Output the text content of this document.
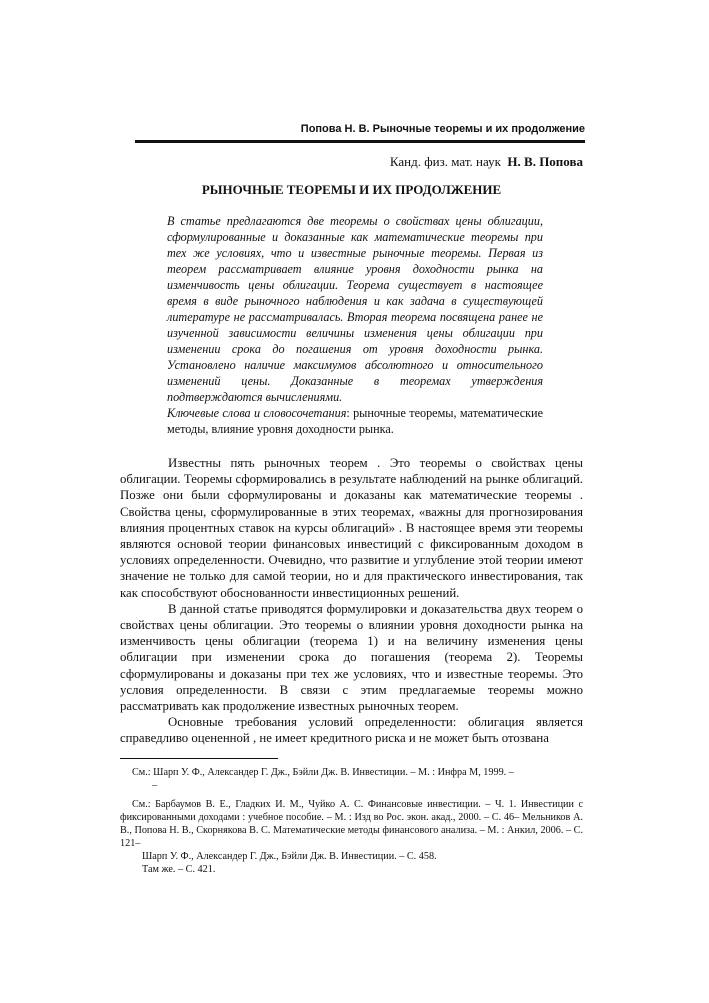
Попова Н. В. Рыночные теоремы и их продолжение
Канд. физ. мат. наук Н. В. Попова
РЫНОЧНЫЕ ТЕОРЕМЫ И ИХ ПРОДОЛЖЕНИЕ

В статье предлагаются две теоремы о свойствах цены облигации, сформулированные и доказанные как математические теоремы при тех же условиях, что и известные рыночные теоремы. Первая из теорем рассматривает влияние уровня доходности рынка на изменчивость цены облигации. Теорема существует в настоящее время в виде рыночного наблюдения и как задача в существующей литературе не рассматривалась. Вторая теорема посвящена ранее не изученной зависимости величины изменения цены облигации при изменении срока до погашения от уровня доходности рынка. Установлено наличие максимумов абсолютного и относительного изменений цены. Доказанные в теоремах утверждения подтверждаются вычислениями.

Ключевые слова и словосочетания: рыночные теоремы, математические методы, влияние уровня доходности рынка.

Известны пять рыночных теорем . Это теоремы о свойствах цены облигации. Теоремы сформировались в результате наблюдений на рынке облигаций. Позже они были сформулированы и доказаны как математические теоремы . Свойства цены, сформулированные в этих теоремах, «важны для прогнозирования влияния процентных ставок на курсы облигаций» . В настоящее время эти теоремы являются основой теории финансовых инвестиций с фиксированным доходом в условиях определенности. Очевидно, что развитие и углубление этой теории имеют значение не только для самой теории, но и для практического инвестирования, так как способствуют обоснованности инвестиционных решений.

В данной статье приводятся формулировки и доказательства двух теорем о свойствах цены облигации. Это теоремы о влиянии уровня доходности рынка на изменчивость цены облигации (теорема 1) и на величину изменения цены облигации при изменении срока до погашения (теорема 2). Теоремы сформулированы и доказаны при тех же условиях, что и известные теоремы. Это условия определенности. В связи с этим предлагаемые теоремы можно рассматривать как продолжение известных рыночных теорем.

Основные требования условий определенности: облигация является справедливо оцененной , не имеет кредитного риска и не может быть отозвана

См.: Шарп У. Ф., Александер Г. Дж., Бэйли Дж. В. Инвестиции. – М. : Инфра М, 1999. –

–

См.: Барбаумов В. Е., Гладких И. М., Чуйко А. С. Финансовые инвестиции. – Ч. 1. Инвестиции с фиксированными доходами : учебное пособие. – М. : Изд во Рос. экон. акад., 2000. – С. 46– Мельников А. В., Попова Н. В., Скорнякова В. С. Математические методы финансового анализа. – М. : Анкил, 2006. – С. 121–

Шарп У. Ф., Александер Г. Дж., Бэйли Дж. В. Инвестиции. – С. 458.

Там же. – С. 421.
